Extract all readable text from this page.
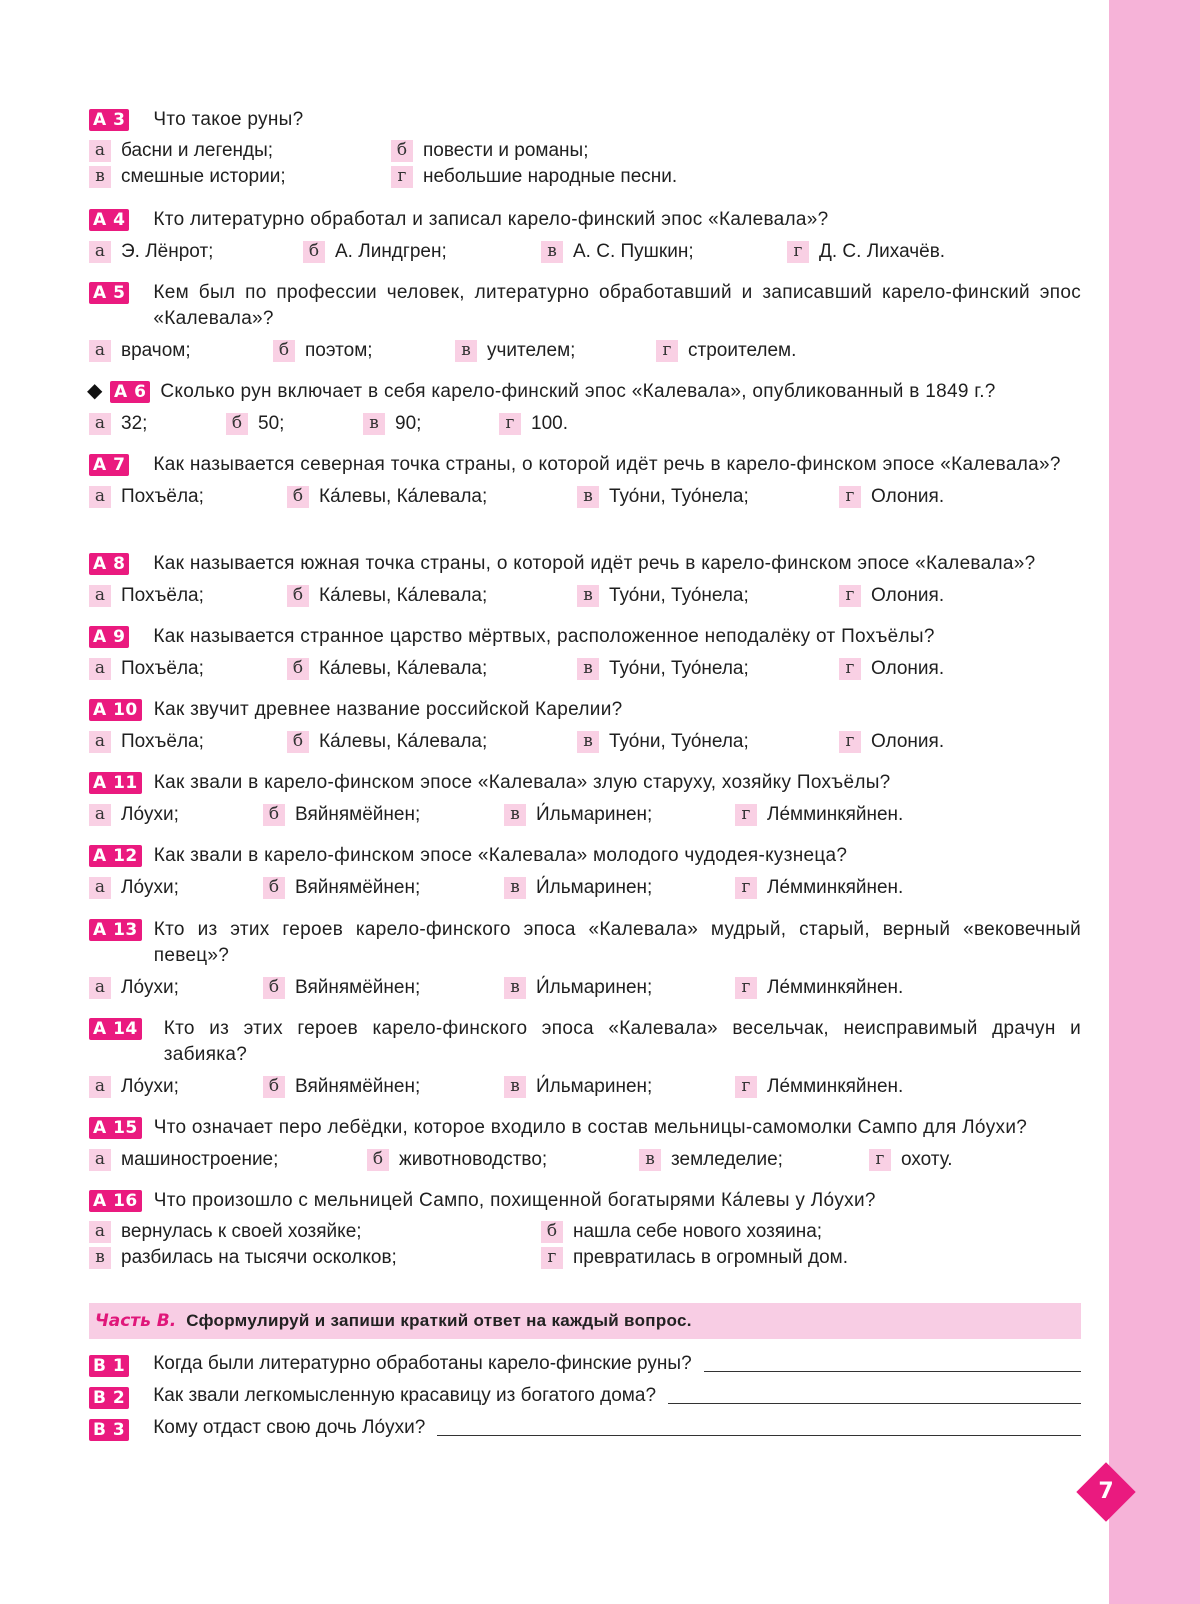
А 3 Что такое руны?
а басни и легенды;	б повести и романы;
в смешные истории;	г небольшие народные песни.
А 4 Кто литературно обработал и записал карело-финский эпос «Калевала»?
а Э. Лёнрот;	б А. Линдгрен;	в А. С. Пушкин;	г Д. С. Лихачёв.
А 5 Кем был по профессии человек, литературно обработавший и записавший карело-финский эпос «Калевала»?
а врачом;	б поэтом;	в учителем;	г строителем.
◆ А 6 Сколько рун включает в себя карело-финский эпос «Калевала», опубликованный в 1849 г.?
а 32;	б 50;	в 90;	г 100.
А 7 Как называется северная точка страны, о которой идёт речь в карело-финском эпосе «Калевала»?
а Похъёла;	б Ка́левы, Ка́левала;	в Туо́ни, Туо́нела;	г Олония.
А 8 Как называется южная точка страны, о которой идёт речь в карело-финском эпосе «Калевала»?
а Похъёла;	б Ка́левы, Ка́левала;	в Туо́ни, Туо́нела;	г Олония.
А 9 Как называется странное царство мёртвых, расположенное неподалёку от Похъёлы?
а Похъёла;	б Ка́левы, Ка́левала;	в Туо́ни, Туо́нела;	г Олония.
А 10 Как звучит древнее название российской Карелии?
а Похъёла;	б Ка́левы, Ка́левала;	в Туо́ни, Туо́нела;	г Олония.
А 11 Как звали в карело-финском эпосе «Калевала» злую старуху, хозяйку Похъёлы?
а Ло́ухи;	б Вяйнямёйнен;	в И́льмаринен;	г Ле́мминкяйнен.
А 12 Как звали в карело-финском эпосе «Калевала» молодого чудодея-кузнеца?
а Ло́ухи;	б Вяйнямёйнен;	в И́льмаринен;	г Ле́мминкяйнен.
А 13 Кто из этих героев карело-финского эпоса «Калевала» мудрый, старый, верный «вековечный певец»?
а Ло́ухи;	б Вяйнямёйнен;	в И́льмаринен;	г Ле́мминкяйнен.
А 14 Кто из этих героев карело-финского эпоса «Калевала» весельчак, неисправимый драчун и забияка?
а Ло́ухи;	б Вяйнямёйнен;	в И́льмаринен;	г Ле́мминкяйнен.
А 15 Что означает перо лебёдки, которое входило в состав мельницы-самомолки Сампо для Ло́ухи?
а машиностроение;	б животноводство;	в земледелие;	г охоту.
А 16 Что произошло с мельницей Сампо, похищенной богатырями Ка́левы у Ло́ухи?
а вернулась к своей хозяйке;	б нашла себе нового хозяина;
в разбилась на тысячи осколков;	г превратилась в огромный дом.
Часть В. Сформулируй и запиши краткий ответ на каждый вопрос.
В 1 Когда были литературно обработаны карело-финские руны?
В 2 Как звали легкомысленную красавицу из богатого дома?
В 3 Кому отдаст свою дочь Ло́ухи?
7
